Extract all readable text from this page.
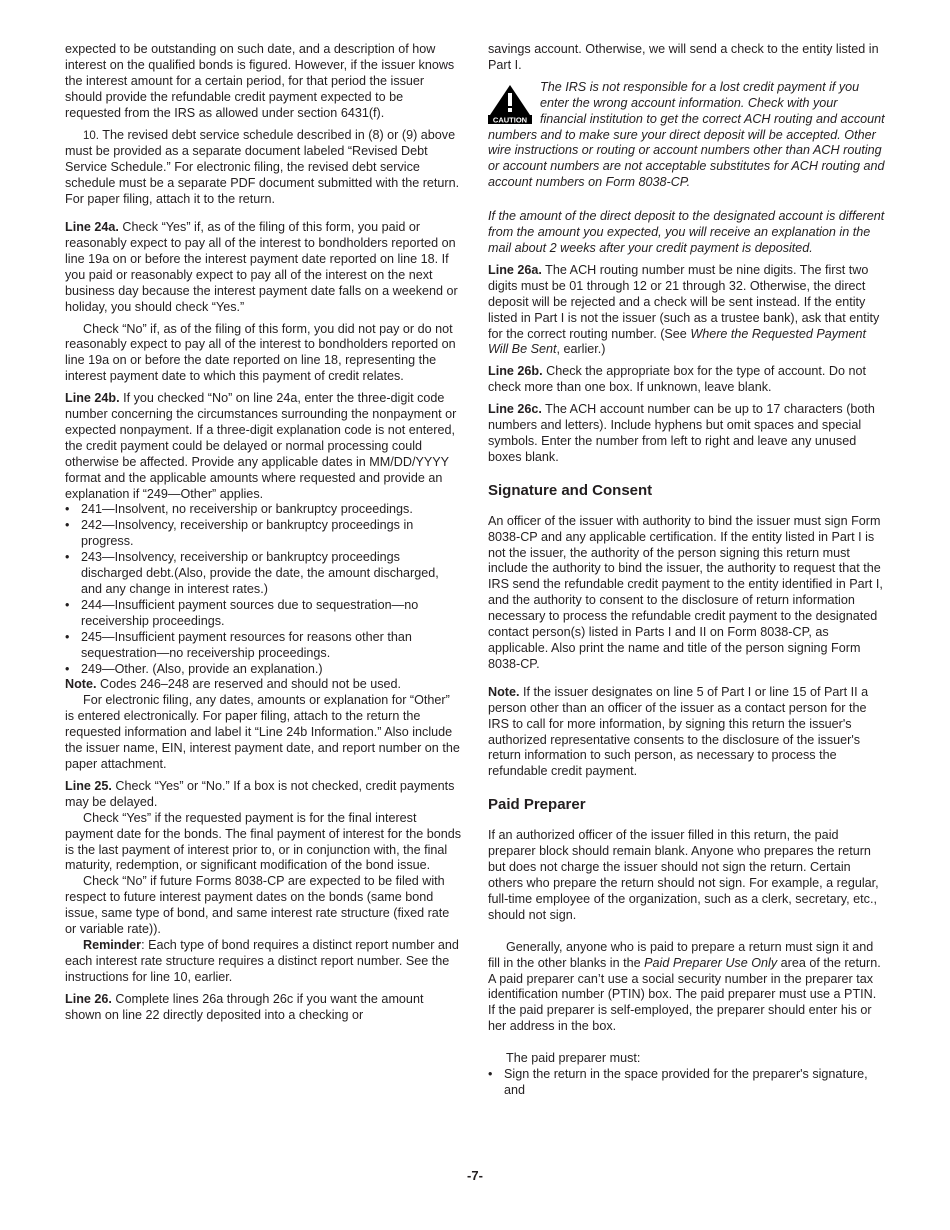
expected to be outstanding on such date, and a description of how interest on the qualified bonds is figured. However, if the issuer knows the interest amount for a certain period, for that period the issuer should provide the refundable credit payment expected to be requested from the IRS as allowed under section 6431(f).

10. The revised debt service schedule described in (8) or (9) above must be provided as a separate document labeled “Revised Debt Service Schedule.” For electronic filing, the revised debt service schedule must be a separate PDF document submitted with the return. For paper filing, attach it to the return.

Line 24a. Check “Yes” if, as of the filing of this form, you paid or reasonably expect to pay all of the interest to bondholders reported on line 19a on or before the interest payment date reported on line 18. If you paid or reasonably expect to pay all of the interest on the next business day because the interest payment date falls on a weekend or holiday, you should check “Yes.”

Check “No” if, as of the filing of this form, you did not pay or do not reasonably expect to pay all of the interest to bondholders reported on line 19a on or before the date reported on line 18, representing the interest payment date to which this payment of credit relates.

Line 24b. If you checked “No” on line 24a, enter the three-digit code number concerning the circumstances surrounding the nonpayment or expected nonpayment. If a three-digit explanation code is not entered, the credit payment could be delayed or normal processing could otherwise be affected. Provide any applicable dates in MM/DD/YYYY format and the applicable amounts where requested and provide an explanation if “249—Other” applies.

• 241—Insolvent, no receivership or bankruptcy proceedings.
• 242—Insolvency, receivership or bankruptcy proceedings in progress.
• 243—Insolvency, receivership or bankruptcy proceedings discharged debt.(Also, provide the date, the amount discharged, and any change in interest rates.)
• 244—Insufficient payment sources due to sequestration—no receivership proceedings.
• 245—Insufficient payment resources for reasons other than sequestration—no receivership proceedings.
• 249—Other. (Also, provide an explanation.)

Note. Codes 246–248 are reserved and should not be used.

For electronic filing, any dates, amounts or explanation for “Other” is entered electronically. For paper filing, attach to the return the requested information and label it “Line 24b Information.” Also include the issuer name, EIN, interest payment date, and report number on the paper attachment.

Line 25. Check “Yes” or “No.” If a box is not checked, credit payments may be delayed.

Check “Yes” if the requested payment is for the final interest payment date for the bonds. The final payment of interest for the bonds is the last payment of interest prior to, or in conjunction with, the final maturity, redemption, or significant modification of the bond issue.

Check “No” if future Forms 8038-CP are expected to be filed with respect to future interest payment dates on the bonds (same bond issue, same type of bond, and same interest rate structure (fixed rate or variable rate)).

Reminder: Each type of bond requires a distinct report number and each interest rate structure requires a distinct report number. See the instructions for line 10, earlier.

Line 26. Complete lines 26a through 26c if you want the amount shown on line 22 directly deposited into a checking or

savings account. Otherwise, we will send a check to the entity listed in Part I.

CAUTION

The IRS is not responsible for a lost credit payment if you enter the wrong account information. Check with your financial institution to get the correct ACH routing and account numbers and to make sure your direct deposit will be accepted. Other wire instructions or routing or account numbers other than ACH routing or account numbers are not acceptable substitutes for ACH routing and account numbers on Form 8038-CP.

If the amount of the direct deposit to the designated account is different from the amount you expected, you will receive an explanation in the mail about 2 weeks after your credit payment is deposited.

Line 26a. The ACH routing number must be nine digits. The first two digits must be 01 through 12 or 21 through 32. Otherwise, the direct deposit will be rejected and a check will be sent instead. If the entity listed in Part I is not the issuer (such as a trustee bank), ask that entity for the correct routing number. (See Where the Requested Payment Will Be Sent, earlier.)

Line 26b. Check the appropriate box for the type of account. Do not check more than one box. If unknown, leave blank.

Line 26c. The ACH account number can be up to 17 characters (both numbers and letters). Include hyphens but omit spaces and special symbols. Enter the number from left to right and leave any unused boxes blank.

Signature and Consent

An officer of the issuer with authority to bind the issuer must sign Form 8038-CP and any applicable certification. If the entity listed in Part I is not the issuer, the authority of the person signing this return must include the authority to bind the issuer, the authority to request that the IRS send the refundable credit payment to the entity identified in Part I, and the authority to consent to the disclosure of return information necessary to process the refundable credit payment to the designated contact person(s) listed in Parts I and II on Form 8038-CP, as applicable. Also print the name and title of the person signing Form 8038-CP.

Note. If the issuer designates on line 5 of Part I or line 15 of Part II a person other than an officer of the issuer as a contact person for the IRS to call for more information, by signing this return the issuer's authorized representative consents to the disclosure of the issuer's return information to such person, as necessary to process the refundable credit payment.

Paid Preparer

If an authorized officer of the issuer filled in this return, the paid preparer block should remain blank. Anyone who prepares the return but does not charge the issuer should not sign the return. Certain others who prepare the return should not sign. For example, a regular, full-time employee of the organization, such as a clerk, secretary, etc., should not sign.

Generally, anyone who is paid to prepare a return must sign it and fill in the other blanks in the Paid Preparer Use Only area of the return. A paid preparer can’t use a social security number in the preparer tax identification number (PTIN) box. The paid preparer must use a PTIN. If the paid preparer is self-employed, the preparer should enter his or her address in the box.

The paid preparer must:

• Sign the return in the space provided for the preparer's signature, and
-7-
